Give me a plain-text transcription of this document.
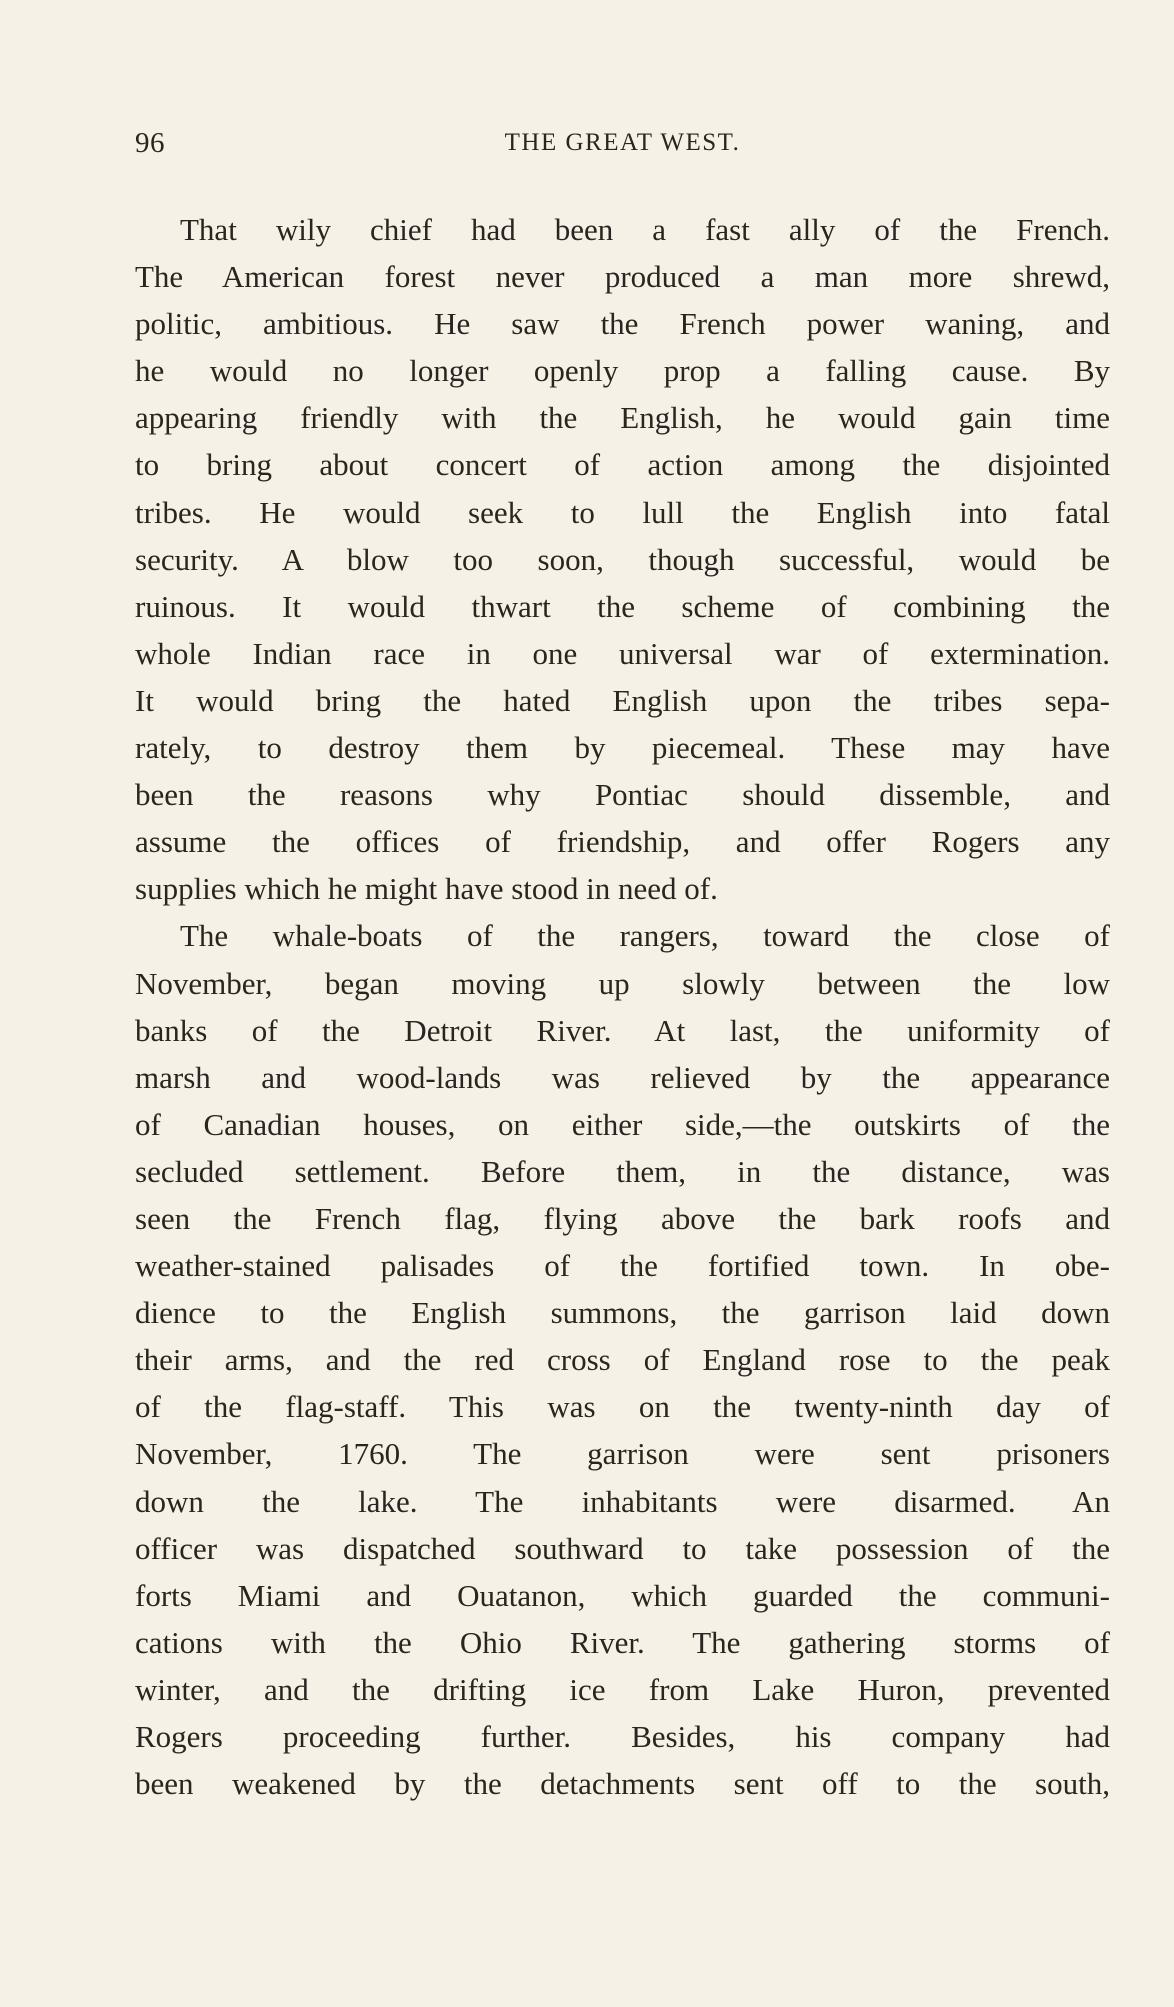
96	THE GREAT WEST.
That wily chief had been a fast ally of the French.
The American forest never produced a man more shrewd,
politic, ambitious. He saw the French power waning, and
he would no longer openly prop a falling cause. By
appearing friendly with the English, he would gain time
to bring about concert of action among the disjointed
tribes. He would seek to lull the English into fatal
security. A blow too soon, though successful, would be
ruinous. It would thwart the scheme of combining the
whole Indian race in one universal war of extermination.
It would bring the hated English upon the tribes sepa-
rately, to destroy them by piecemeal. These may have
been the reasons why Pontiac should dissemble, and
assume the offices of friendship, and offer Rogers any
supplies which he might have stood in need of.
The whale-boats of the rangers, toward the close of
November, began moving up slowly between the low
banks of the Detroit River. At last, the uniformity of
marsh and wood-lands was relieved by the appearance
of Canadian houses, on either side,—the outskirts of the
secluded settlement. Before them, in the distance, was
seen the French flag, flying above the bark roofs and
weather-stained palisades of the fortified town. In obe-
dience to the English summons, the garrison laid down
their arms, and the red cross of England rose to the peak
of the flag-staff. This was on the twenty-ninth day of
November, 1760. The garrison were sent prisoners
down the lake. The inhabitants were disarmed. An
officer was dispatched southward to take possession of the
forts Miami and Ouatanon, which guarded the communi-
cations with the Ohio River. The gathering storms of
winter, and the drifting ice from Lake Huron, prevented
Rogers proceeding further. Besides, his company had
been weakened by the detachments sent off to the south,
